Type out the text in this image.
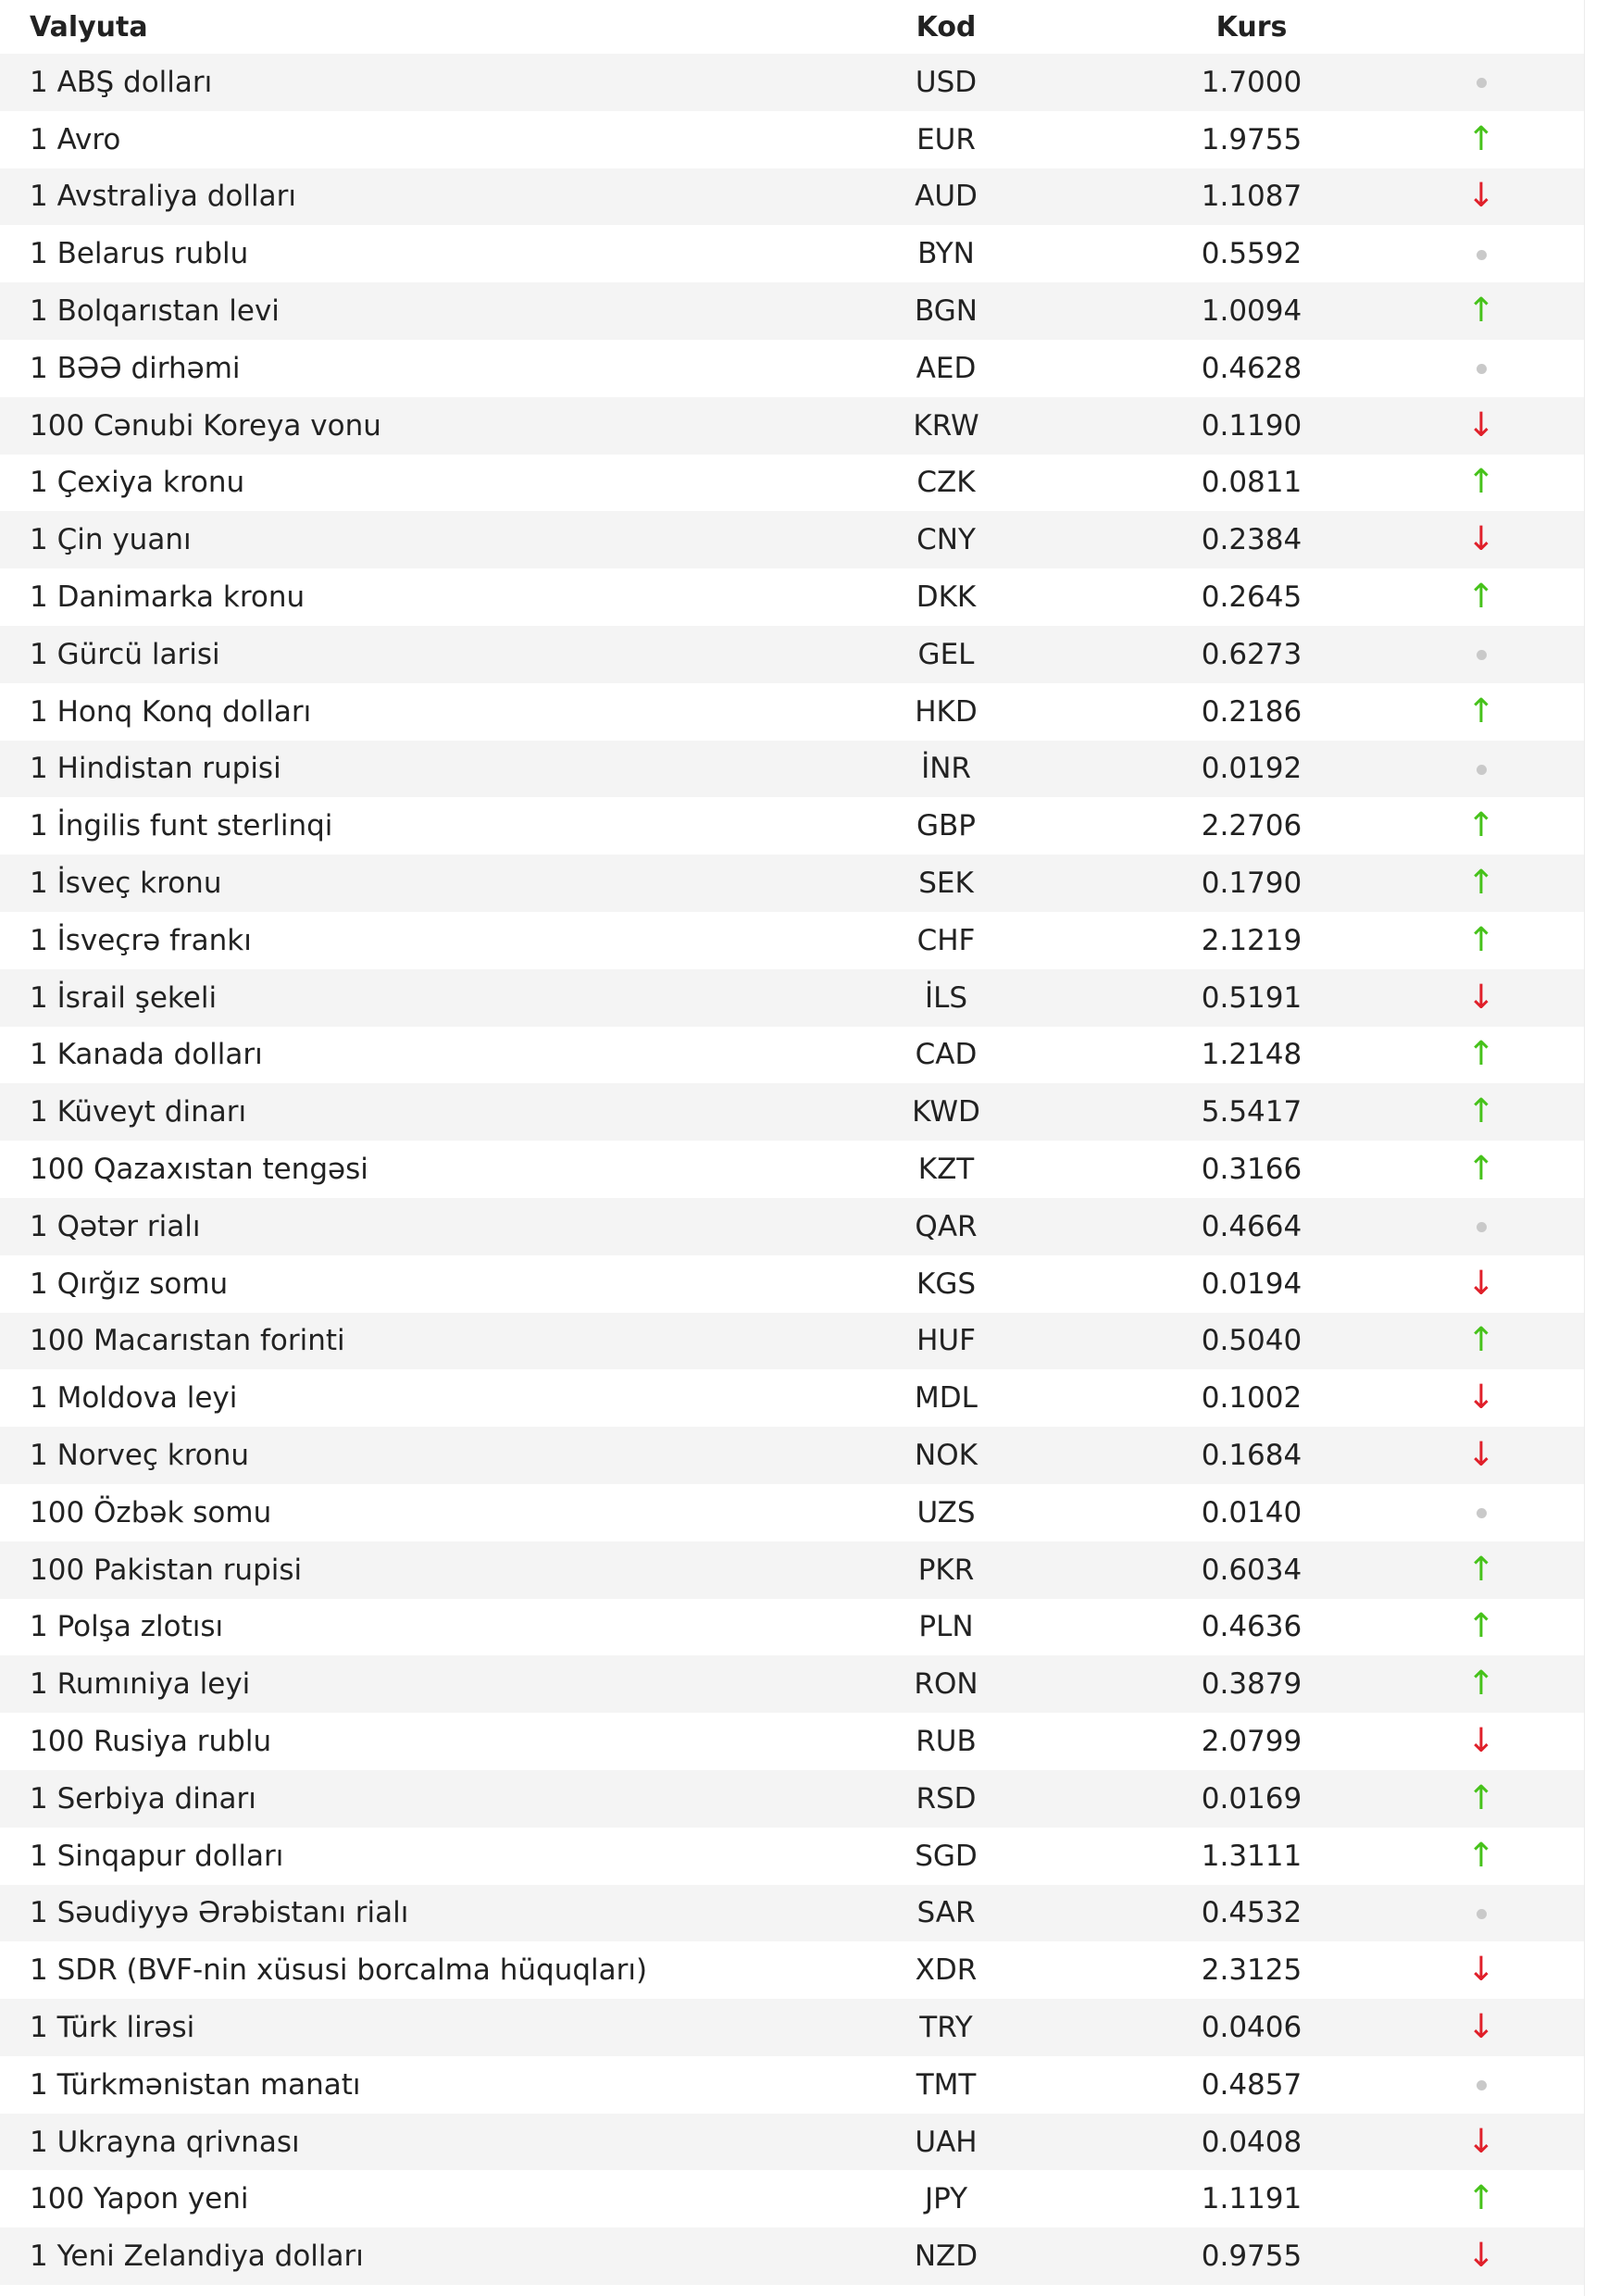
Valyuta	Kod	Kurs
1 ABŞ dolları	USD	1.7000
1 Avro	EUR	1.9755	↑
1 Avstraliya dolları	AUD	1.1087	↓
1 Belarus rublu	BYN	0.5592
1 Bolqarıstan levi	BGN	1.0094	↑
1 BƏƏ dirhəmi	AED	0.4628
100 Cənubi Koreya vonu	KRW	0.1190	↓
1 Çexiya kronu	CZK	0.0811	↑
1 Çin yuanı	CNY	0.2384	↓
1 Danimarka kronu	DKK	0.2645	↑
1 Gürcü larisi	GEL	0.6273
1 Honq Konq dolları	HKD	0.2186	↑
1 Hindistan rupisi	İNR	0.0192
1 İngilis funt sterlinqi	GBP	2.2706	↑
1 İsveç kronu	SEK	0.1790	↑
1 İsveçrə frankı	CHF	2.1219	↑
1 İsrail şekeli	İLS	0.5191	↓
1 Kanada dolları	CAD	1.2148	↑
1 Küveyt dinarı	KWD	5.5417	↑
100 Qazaxıstan tengəsi	KZT	0.3166	↑
1 Qətər rialı	QAR	0.4664
1 Qırğız somu	KGS	0.0194	↓
100 Macarıstan forinti	HUF	0.5040	↑
1 Moldova leyi	MDL	0.1002	↓
1 Norveç kronu	NOK	0.1684	↓
100 Özbək somu	UZS	0.0140
100 Pakistan rupisi	PKR	0.6034	↑
1 Polşa zlotısı	PLN	0.4636	↑
1 Rumıniya leyi	RON	0.3879	↑
100 Rusiya rublu	RUB	2.0799	↓
1 Serbiya dinarı	RSD	0.0169	↑
1 Sinqapur dolları	SGD	1.3111	↑
1 Səudiyyə Ərəbistanı rialı	SAR	0.4532
1 SDR (BVF-nin xüsusi borcalma hüquqları)	XDR	2.3125	↓
1 Türk lirəsi	TRY	0.0406	↓
1 Türkmənistan manatı	TMT	0.4857
1 Ukrayna qrivnası	UAH	0.0408	↓
100 Yapon yeni	JPY	1.1191	↑
1 Yeni Zelandiya dolları	NZD	0.9755	↓
